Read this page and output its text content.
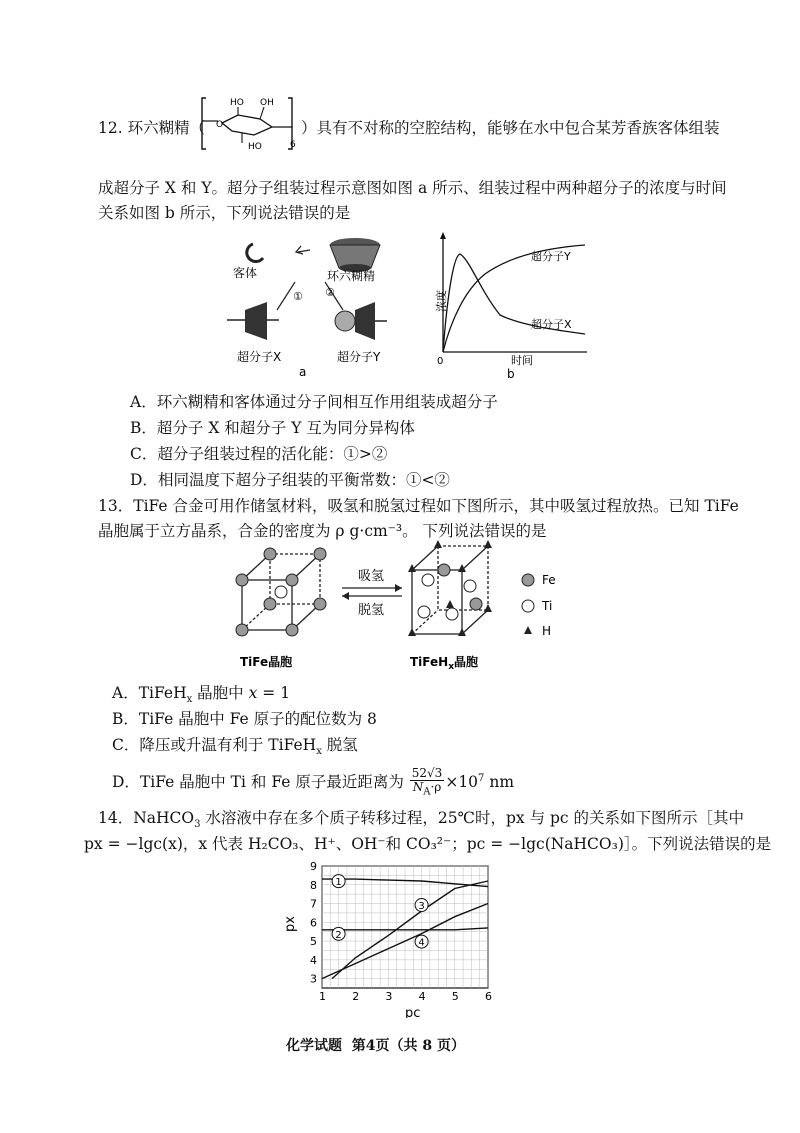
12. 环六糊精（
HO OH
HO
O
6
）具有不对称的空腔结构，能够在水中包合某芳香族客体组装
成超分子 X 和 Y。超分子组装过程示意图如图 a 所示、组装过程中两种超分子的浓度与时间
关系如图 b 所示，下列说法错误的是
客体	环六糊精
① ②
超分子X	超分子Y
a
浓度
0	时间
超分子Y
超分子X
b
A．环六糊精和客体通过分子间相互作用组装成超分子
B．超分子 X 和超分子 Y 互为同分异构体
C．超分子组装过程的活化能：①>②
D．相同温度下超分子组装的平衡常数：①<②
13．TiFe 合金可用作储氢材料，吸氢和脱氢过程如下图所示，其中吸氢过程放热。已知 TiFe
晶胞属于立方晶系，合金的密度为 ρ g·cm⁻³。 下列说法错误的是
TiFe晶胞
吸氢
脱氢
TiFeH$_x$晶胞
Fe
Ti
H
A．TiFeH$_x$ 晶胞中 x = 1
B．TiFe 晶胞中 Fe 原子的配位数为 8
C．降压或升温有利于 TiFeH$_x$ 脱氢
D．TiFe 晶胞中 Ti 和 Fe 原子最近距离为 $\frac{52√3}{N_A\cdot\rho} \times 10^7$ nm
14．NaHCO$_3$ 水溶液中存在多个质子转移过程，25℃时，px 与 pc 的关系如下图所示［其中
px = −lgc(x)，x 代表 H₂CO₃、H⁺、OH⁻和 CO₃²⁻；pc = −lgc(NaHCO₃)］。下列说法错误的是
1 2 3 4 5 6
3
4
5
6
7
8
9
1
2
3
4
pc
px
化学试题 第4页（共 8 页）
